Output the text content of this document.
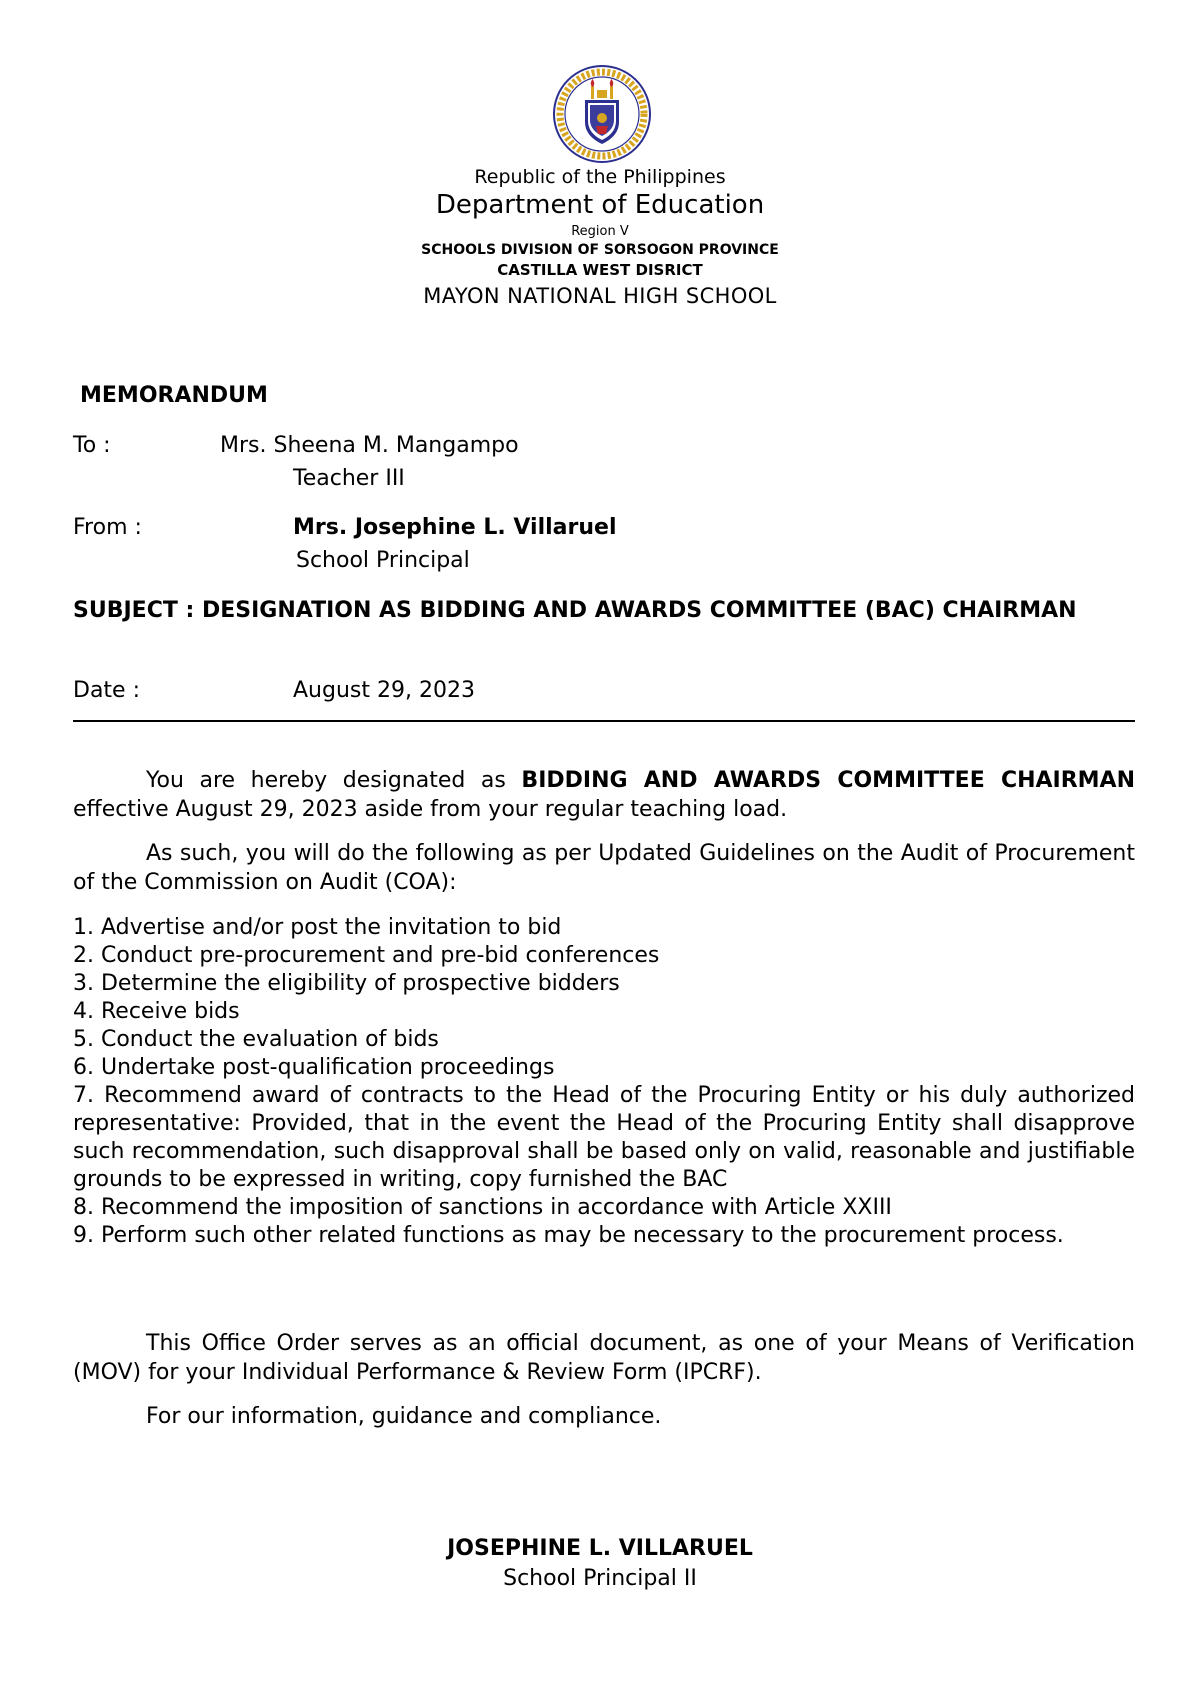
Republic of the Philippines
Department of Education
Region V
SCHOOLS DIVISION OF SORSOGON PROVINCE
CASTILLA WEST DISRICT
MAYON NATIONAL HIGH SCHOOL
MEMORANDUM
To :	Mrs. Sheena M. Mangampo
Teacher III
From :	Mrs. Josephine L. Villaruel
School Principal
SUBJECT : DESIGNATION AS BIDDING AND AWARDS COMMITTEE (BAC) CHAIRMAN
Date :	August 29, 2023
You are hereby designated as BIDDING AND AWARDS COMMITTEE CHAIRMAN effective August 29, 2023 aside from your regular teaching load.
As such, you will do the following as per Updated Guidelines on the Audit of Procurement of the Commission on Audit (COA):
1. Advertise and/or post the invitation to bid
2. Conduct pre-procurement and pre-bid conferences
3. Determine the eligibility of prospective bidders
4. Receive bids
5. Conduct the evaluation of bids
6. Undertake post-qualification proceedings
7. Recommend award of contracts to the Head of the Procuring Entity or his duly authorized representative: Provided, that in the event the Head of the Procuring Entity shall disapprove such recommendation, such disapproval shall be based only on valid, reasonable and justifiable grounds to be expressed in writing, copy furnished the BAC
8. Recommend the imposition of sanctions in accordance with Article XXIII
9. Perform such other related functions as may be necessary to the procurement process.
This Office Order serves as an official document, as one of your Means of Verification (MOV) for your Individual Performance & Review Form (IPCRF).
For our information, guidance and compliance.
JOSEPHINE L. VILLARUEL
School Principal II
